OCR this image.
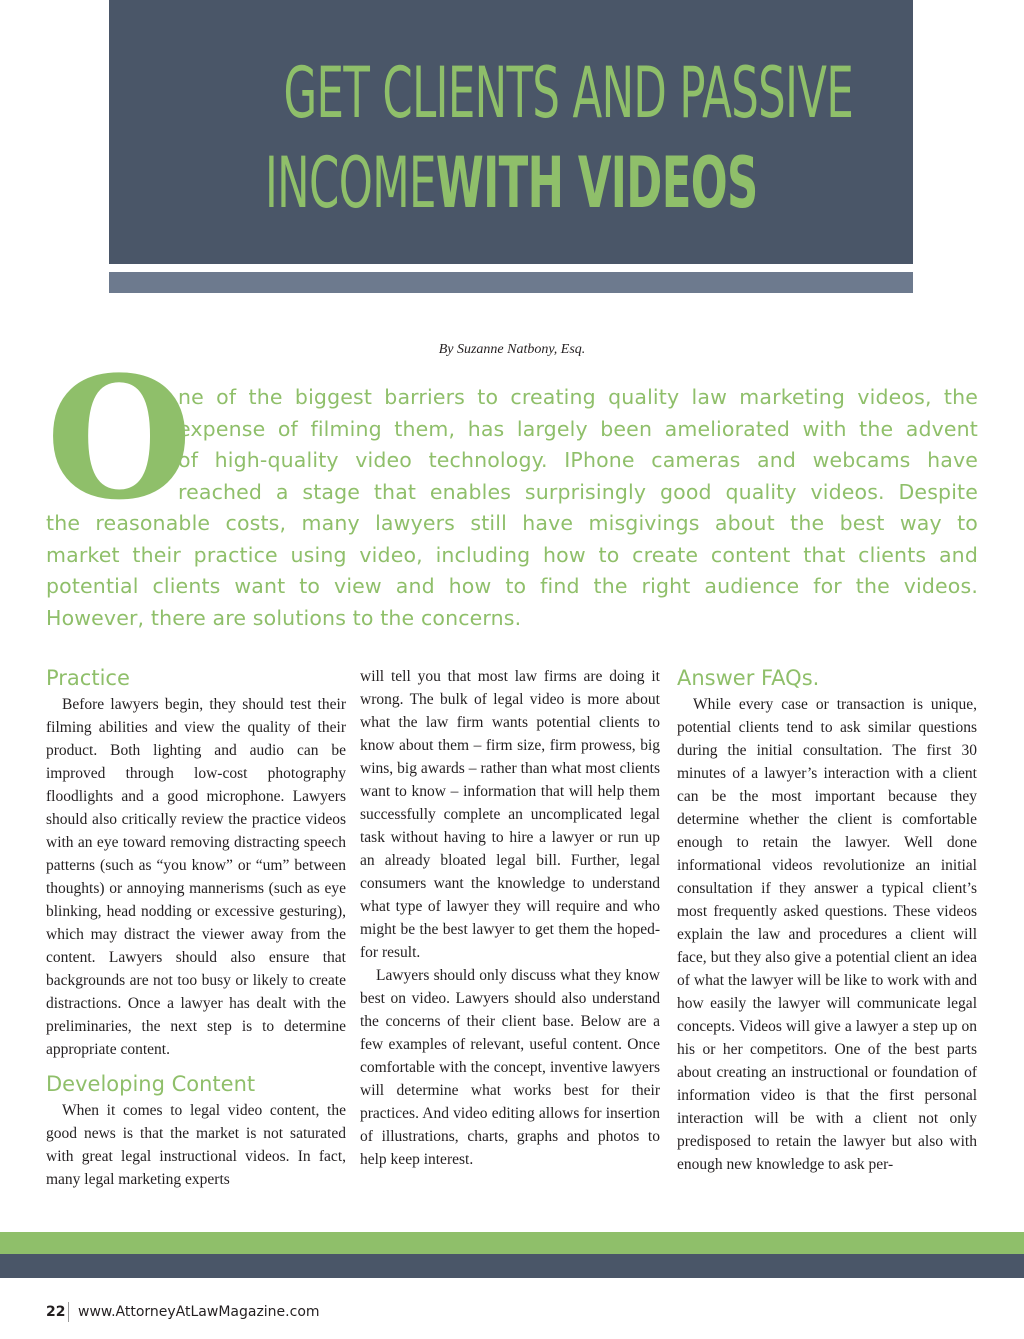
GET CLIENTS AND PASSIVE
INCOMEWITH VIDEOS
By Suzanne Natbony, Esq.
O
ne of the biggest barriers to creating quality law marketing videos, the
expense of filming them, has largely been ameliorated with the advent
of high-quality video technology. IPhone cameras and webcams have
reached a stage that enables surprisingly good quality videos. Despite
the reasonable costs, many lawyers still have misgivings about the best way to
market their practice using video, including how to create content that clients and
potential clients want to view and how to find the right audience for the videos.
However, there are solutions to the concerns.
Practice

Before lawyers begin, they should test their filming abilities and view the quality of their product. Both lighting and audio can be improved through low-cost photography floodlights and a good microphone. Lawyers should also critically review the practice videos with an eye toward removing distracting speech patterns (such as “you know” or “um” between thoughts) or annoying mannerisms (such as eye blinking, head nodding or excessive gesturing), which may distract the viewer away from the content. Lawyers should also ensure that backgrounds are not too busy or likely to create distractions. Once a lawyer has dealt with the preliminaries, the next step is to determine appropriate content.

Developing Content

When it comes to legal video content, the good news is that the market is not saturated with great legal instructional videos. In fact, many legal marketing experts

will tell you that most law firms are doing it wrong. The bulk of legal video is more about what the law firm wants potential clients to know about them – firm size, firm prowess, big wins, big awards – rather than what most clients want to know – information that will help them successfully complete an uncomplicated legal task without having to hire a lawyer or run up an already bloated legal bill. Further, legal consumers want the knowledge to understand what type of lawyer they will require and who might be the best lawyer to get them the hoped-for result.

Lawyers should only discuss what they know best on video. Lawyers should also understand the concerns of their client base. Below are a few examples of relevant, useful content. Once comfortable with the concept, inventive lawyers will determine what works best for their practices. And video editing allows for insertion of illustrations, charts, graphs and photos to help keep interest.

Answer FAQs.

While every case or transaction is unique, potential clients tend to ask similar questions during the initial consultation. The first 30 minutes of a lawyer’s interaction with a client can be the most important because they determine whether the client is comfortable enough to retain the lawyer. Well done informational videos revolutionize an initial consultation if they answer a typical client’s most frequently asked questions. These videos explain the law and procedures a client will face, but they also give a potential client an idea of what the lawyer will be like to work with and how easily the lawyer will communicate legal concepts. Videos will give a lawyer a step up on his or her competitors. One of the best parts about creating an instructional or foundation of information video is that the first personal interaction will be with a client not only predisposed to retain the lawyer but also with enough new knowledge to ask per-

22 www.AttorneyAtLawMagazine.com
